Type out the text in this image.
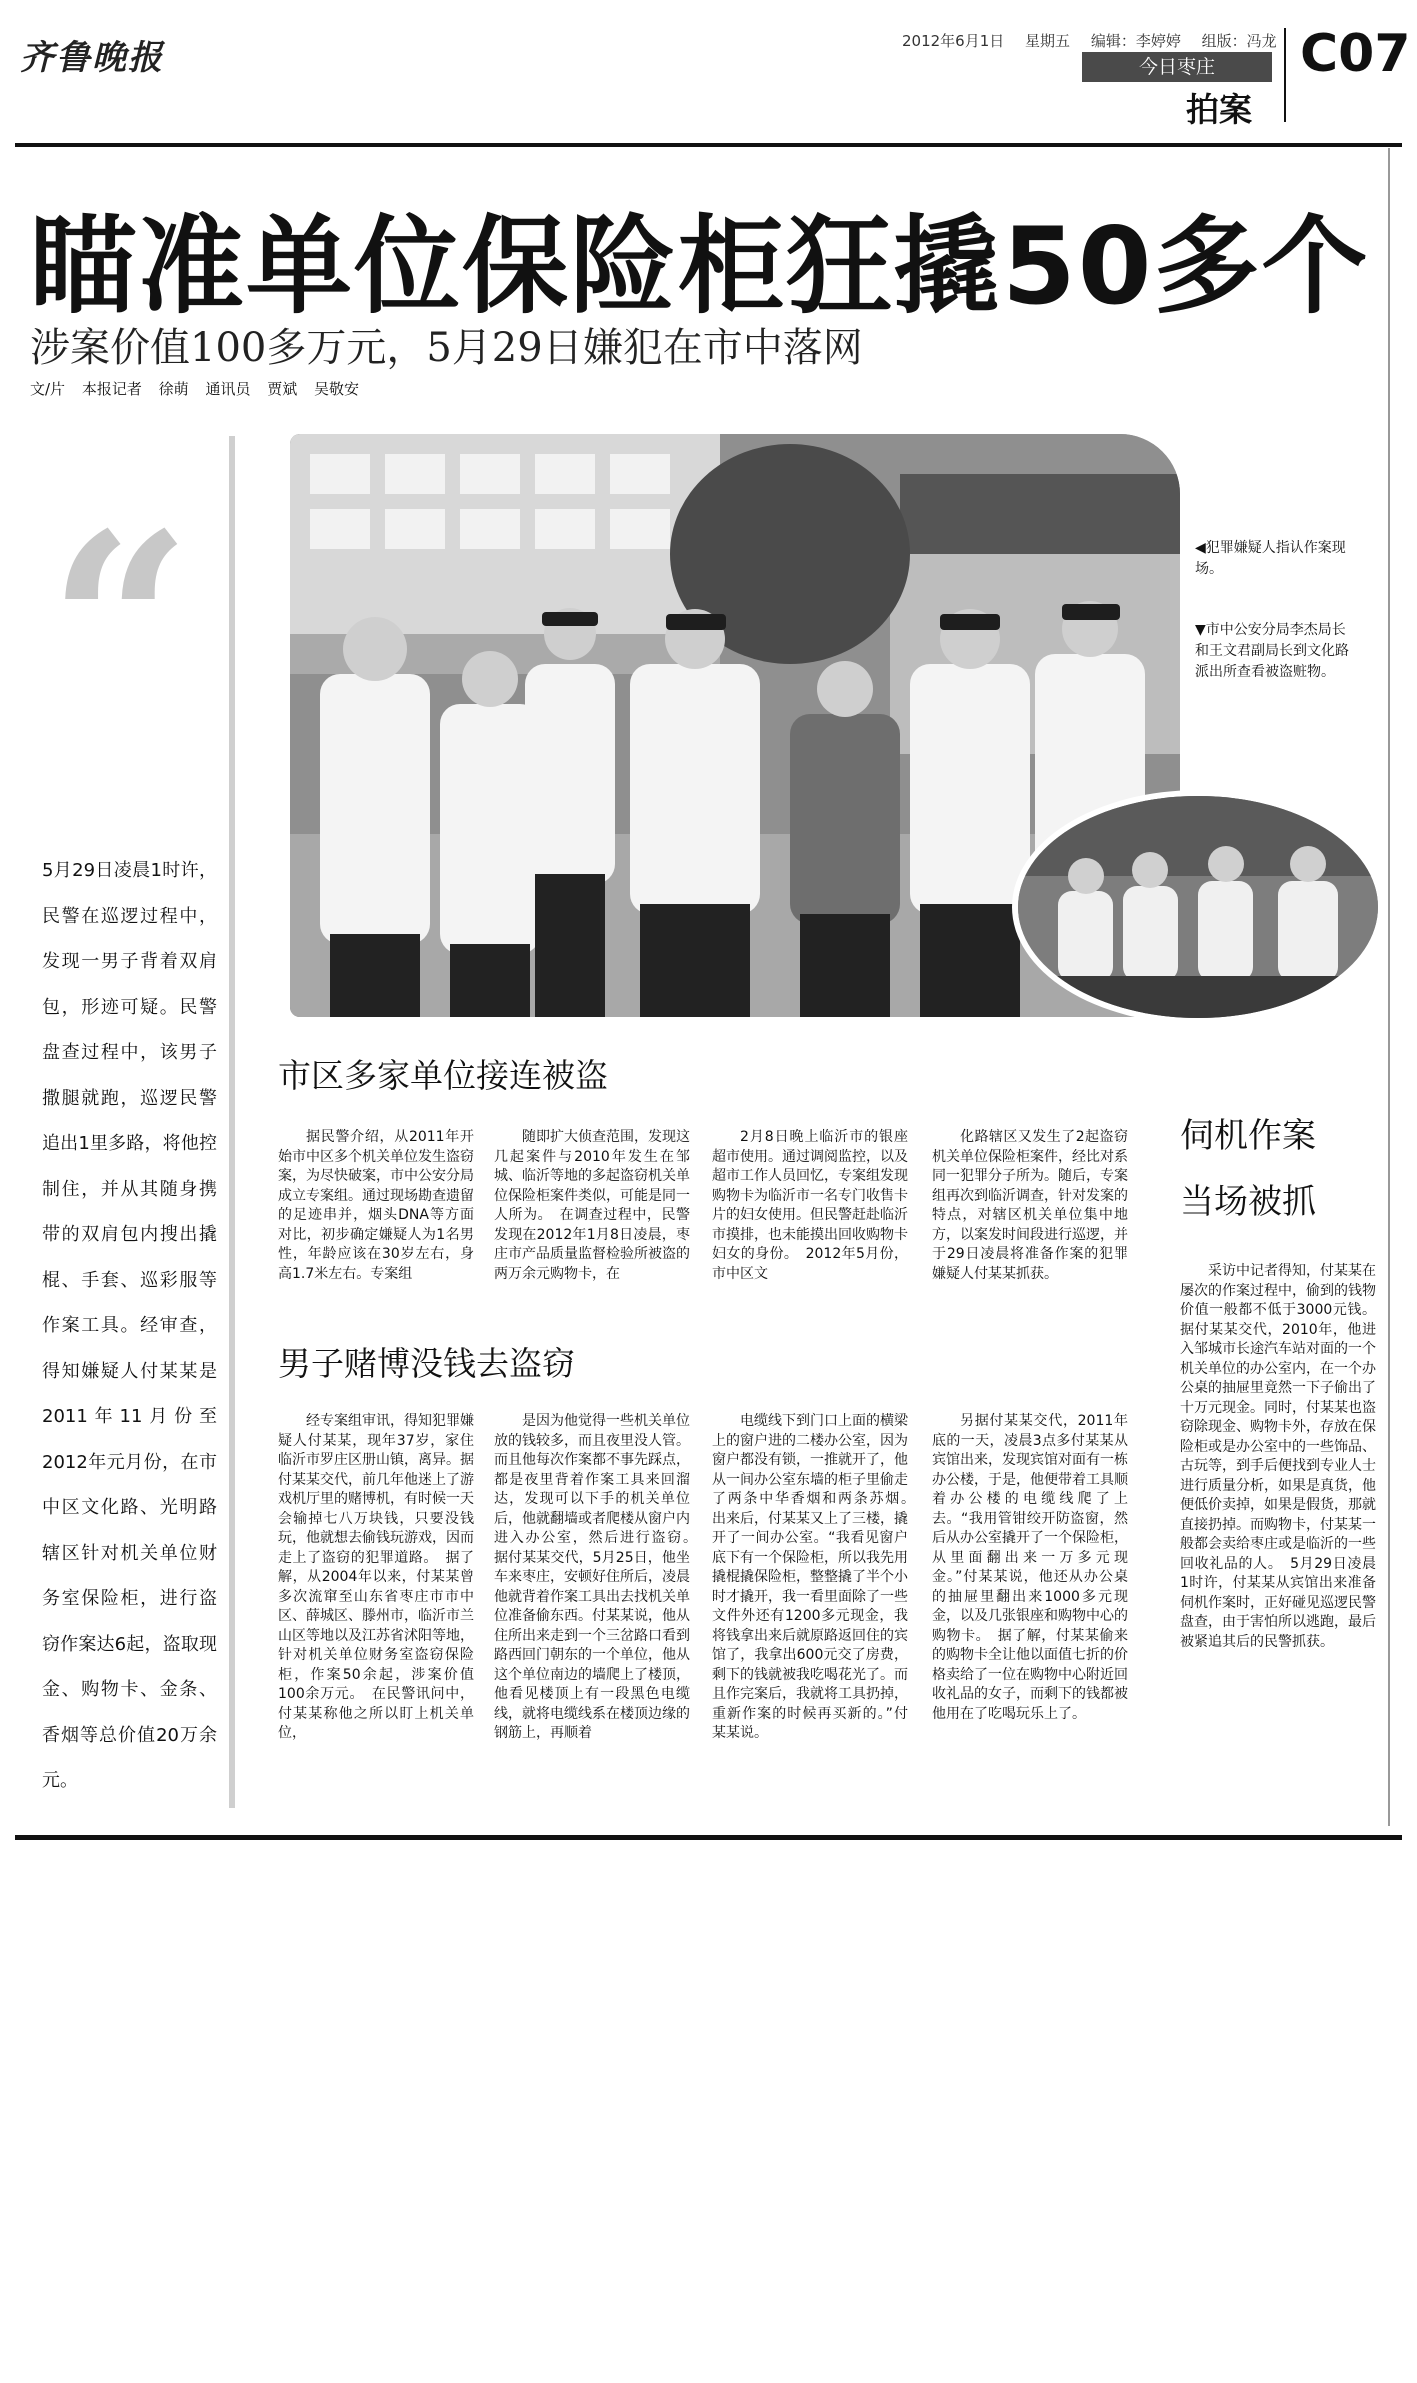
齐鲁晚报	2012年6月1日 星期五 编辑：李婷婷 组版：冯龙
今日枣庄
拍案
C07
瞄准单位保险柜狂撬50多个
涉案价值100多万元，5月29日嫌犯在市中落网
文/片 本报记者 徐萌 通讯员 贾斌 吴敬安
“
5月29日凌晨1时许，民警在巡逻过程中，发现一男子背着双肩包，形迹可疑。民警盘查过程中，该男子撒腿就跑，巡逻民警追出1里多路，将他控制住，并从其随身携带的双肩包内搜出撬棍、手套、巡彩服等作案工具。经审查，得知嫌疑人付某某是2011年11月份至2012年元月份，在市中区文化路、光明路辖区针对机关单位财务室保险柜，进行盗窃作案达6起，盗取现金、购物卡、金条、香烟等总价值20万余元。
◀犯罪嫌疑人指认作案现场。
▼市中公安分局李杰局长和王文君副局长到文化路派出所查看被盗赃物。
市区多家单位接连被盗

据民警介绍，从2011年开始市中区多个机关单位发生盗窃案，为尽快破案，市中公安分局成立专案组。通过现场勘查遗留的足迹串并，烟头DNA等方面对比，初步确定嫌疑人为1名男性，年龄应该在30岁左右，身高1.7米左右。专案组

随即扩大侦查范围，发现这几起案件与2010年发生在邹城、临沂等地的多起盗窃机关单位保险柜案件类似，可能是同一人所为。　在调查过程中，民警发现在2012年1月8日凌晨，枣庄市产品质量监督检验所被盗的两万余元购物卡，在

2月8日晚上临沂市的银座超市使用。通过调阅监控，以及超市工作人员回忆，专案组发现购物卡为临沂市一名专门收售卡片的妇女使用。但民警赶赴临沂市摸排，也未能摸出回收购物卡妇女的身份。　2012年5月份，市中区文

化路辖区又发生了2起盗窃机关单位保险柜案件，经比对系同一犯罪分子所为。随后，专案组再次到临沂调查，针对发案的特点，对辖区机关单位集中地方，以案发时间段进行巡逻，并于29日凌晨将准备作案的犯罪嫌疑人付某某抓获。

男子赌博没钱去盗窃

经专案组审讯，得知犯罪嫌疑人付某某，现年37岁，家住临沂市罗庄区册山镇，离异。据付某某交代，前几年他迷上了游戏机厅里的赌博机，有时候一天会输掉七八万块钱，只要没钱玩，他就想去偷钱玩游戏，因而走上了盗窃的犯罪道路。　据了解，从2004年以来，付某某曾多次流窜至山东省枣庄市市中区、薛城区、滕州市，临沂市兰山区等地以及江苏省沭阳等地，针对机关单位财务室盗窃保险柜，作案50余起，涉案价值100余万元。　在民警讯问中，付某某称他之所以盯上机关单位，

是因为他觉得一些机关单位放的钱较多，而且夜里没人管。而且他每次作案都不事先踩点，都是夜里背着作案工具来回溜达，发现可以下手的机关单位后，他就翻墙或者爬楼从窗户内进入办公室，然后进行盗窃。　据付某某交代，5月25日，他坐车来枣庄，安顿好住所后，凌晨他就背着作案工具出去找机关单位准备偷东西。付某某说，他从住所出来走到一个三岔路口看到路西回门朝东的一个单位，他从这个单位南边的墙爬上了楼顶，他看见楼顶上有一段黑色电缆线，就将电缆线系在楼顶边缘的钢筋上，再顺着

电缆线下到门口上面的横梁上的窗户进的二楼办公室，因为窗户都没有锁，一推就开了，他从一间办公室东墙的柜子里偷走了两条中华香烟和两条苏烟。　出来后，付某某又上了三楼，撬开了一间办公室。“我看见窗户底下有一个保险柜，所以我先用撬棍撬保险柜，整整撬了半个小时才撬开，我一看里面除了一些文件外还有1200多元现金，我将钱拿出来后就原路返回住的宾馆了，我拿出600元交了房费，剩下的钱就被我吃喝花光了。而且作完案后，我就将工具扔掉，重新作案的时候再买新的。”付某某说。

另据付某某交代，2011年底的一天，凌晨3点多付某某从宾馆出来，发现宾馆对面有一栋办公楼，于是，他便带着工具顺着办公楼的电缆线爬了上去。“我用管钳绞开防盗窗，然后从办公室撬开了一个保险柜，从里面翻出来一万多元现金。”付某某说，他还从办公桌的抽屉里翻出来1000多元现金，以及几张银座和购物中心的购物卡。　据了解，付某某偷来的购物卡全让他以面值七折的价格卖给了一位在购物中心附近回收礼品的女子，而剩下的钱都被他用在了吃喝玩乐上了。

伺机作案
当场被抓

采访中记者得知，付某某在屡次的作案过程中，偷到的钱物价值一般都不低于3000元钱。据付某某交代，2010年，他进入邹城市长途汽车站对面的一个机关单位的办公室内，在一个办公桌的抽屉里竟然一下子偷出了十万元现金。同时，付某某也盗窃除现金、购物卡外，存放在保险柜或是办公室中的一些饰品、古玩等，到手后便找到专业人士进行质量分析，如果是真货，他便低价卖掉，如果是假货，那就直接扔掉。而购物卡，付某某一般都会卖给枣庄或是临沂的一些回收礼品的人。　5月29日凌晨1时许，付某某从宾馆出来准备伺机作案时，正好碰见巡逻民警盘查，由于害怕所以逃跑，最后被紧追其后的民警抓获。
